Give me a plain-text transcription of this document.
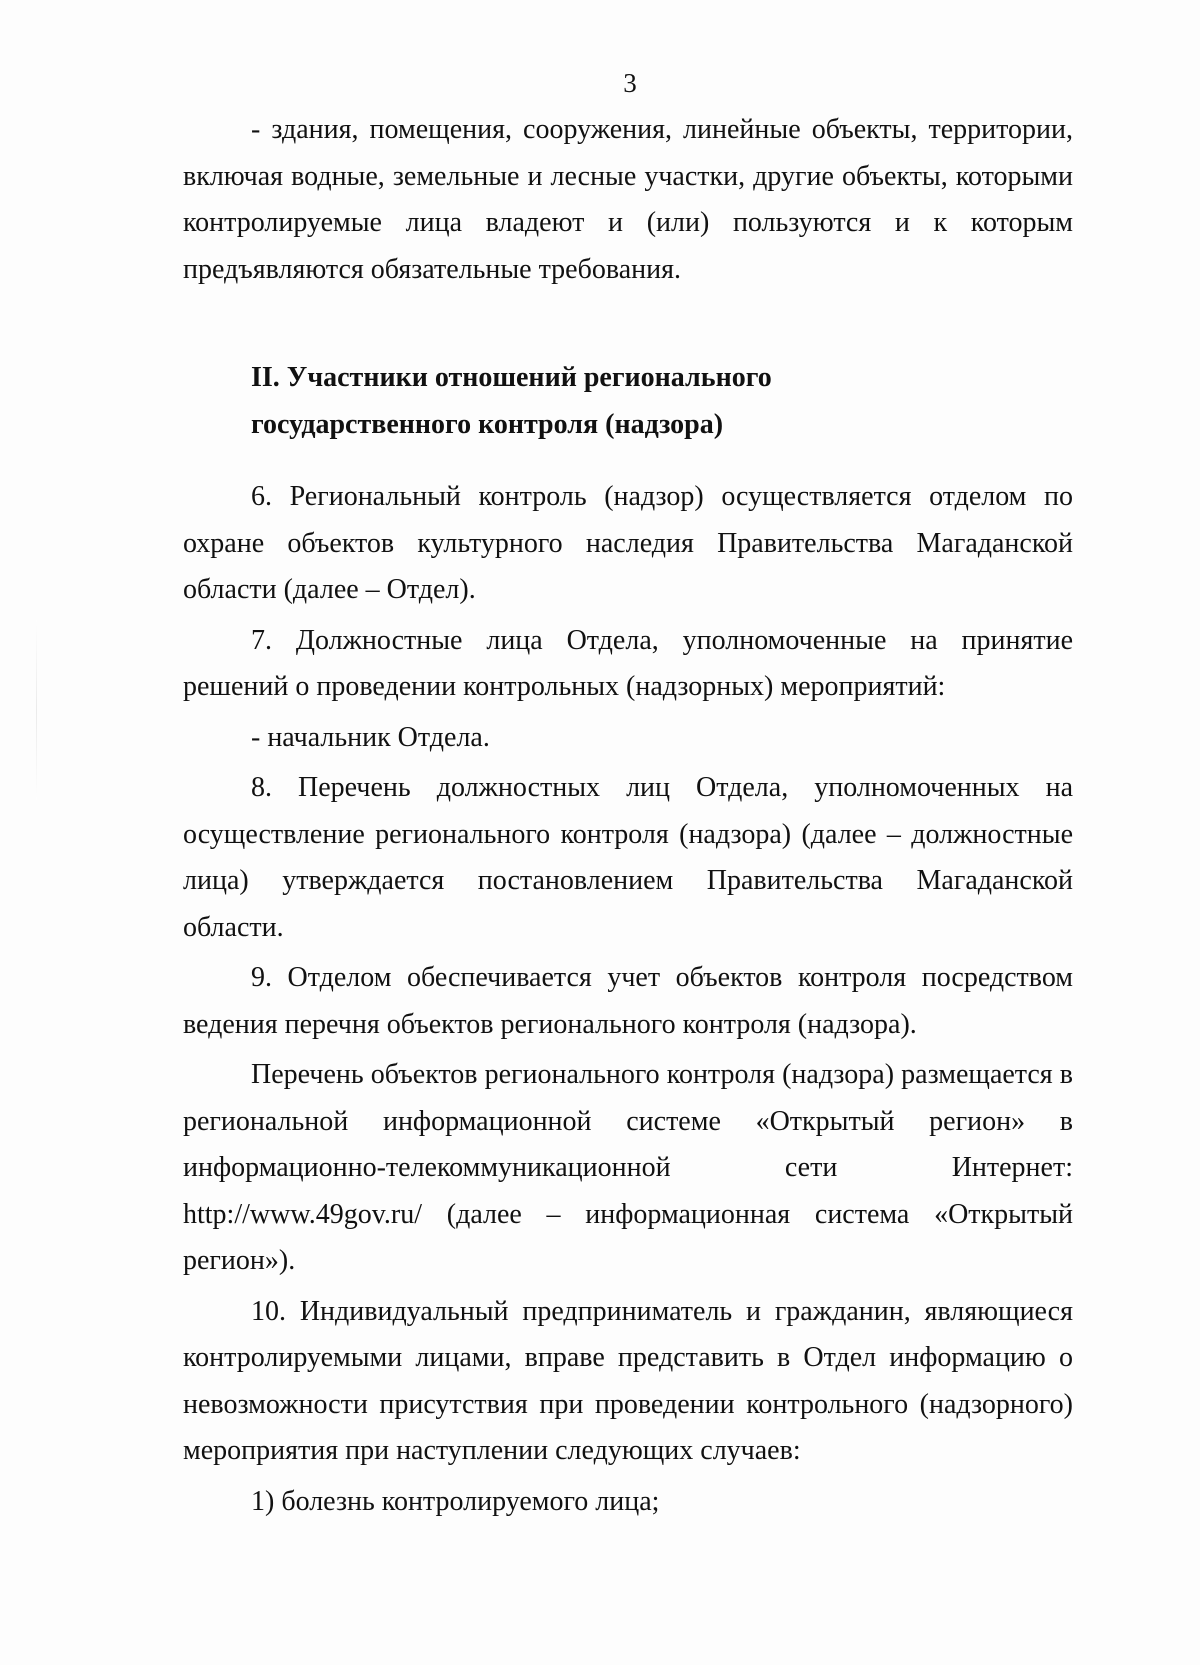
3

- здания, помещения, сооружения, линейные объекты, территории, включая водные, земельные и лесные участки, другие объекты, которыми контролируемые лица владеют и (или) пользуются и к которым предъявляются обязательные требования.

II. Участники отношений регионального

государственного контроля (надзора)

6. Региональный контроль (надзор) осуществляется отделом по охране объектов культурного наследия Правительства Магаданской области (далее – Отдел).

7. Должностные лица Отдела, уполномоченные на принятие решений о проведении контрольных (надзорных) мероприятий:

- начальник Отдела.

8. Перечень должностных лиц Отдела, уполномоченных на осуществление регионального контроля (надзора) (далее – должностные лица) утверждается постановлением Правительства Магаданской области.

9. Отделом обеспечивается учет объектов контроля посредством ведения перечня объектов регионального контроля (надзора).

Перечень объектов регионального контроля (надзора) размещается в региональной информационной системе «Открытый регион» в информационно-телекоммуникационной сети Интернет: http://www.49gov.ru/ (далее – информационная система «Открытый регион»).

10. Индивидуальный предприниматель и гражданин, являющиеся контролируемыми лицами, вправе представить в Отдел информацию о невозможности присутствия при проведении контрольного (надзорного) мероприятия при наступлении следующих случаев:

1) болезнь контролируемого лица;
